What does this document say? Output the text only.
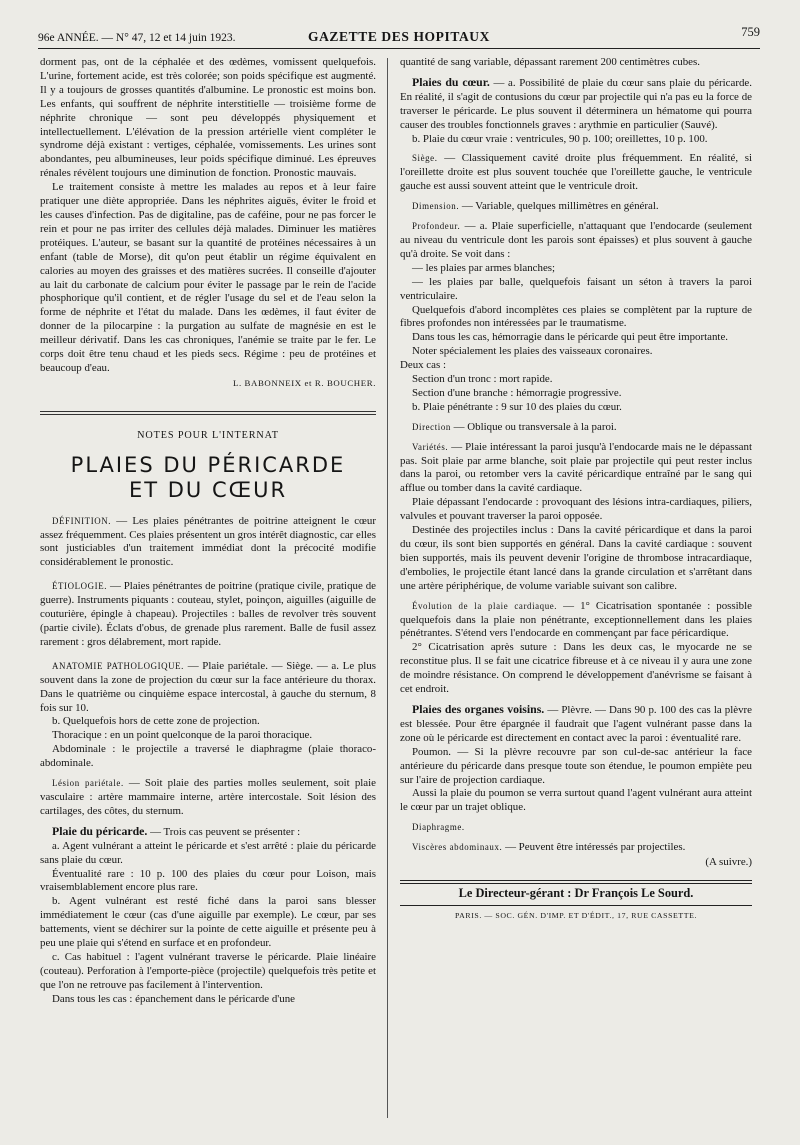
96e ANNÉE. — N° 47, 12 et 14 juin 1923.	GAZETTE DES HOPITAUX	759

dorment pas, ont de la céphalée et des œdèmes, vomissent quelquefois. L'urine, fortement acide, est très colorée; son poids spécifique est augmenté. Il y a toujours de grosses quantités d'albumine. Le pronostic est moins bon. Les enfants, qui souffrent de néphrite interstitielle — troisième forme de néphrite chronique — sont peu développés physiquement et intellectuellement. L'élévation de la pression artérielle vient compléter le syndrome déjà existant : vertiges, céphalée, vomissements. Les urines sont abondantes, peu albumineuses, leur poids spécifique diminué. Les épreuves rénales révèlent toujours une diminution de fonction. Pronostic mauvais.

Le traitement consiste à mettre les malades au repos et à leur faire pratiquer une diète appropriée. Dans les néphrites aiguës, éviter le froid et les causes d'infection. Pas de digitaline, pas de caféine, pour ne pas forcer le rein et pour ne pas irriter des cellules déjà malades. Diminuer les matières protéiques. L'auteur, se basant sur la quantité de protéines nécessaires à un enfant (table de Morse), dit qu'on peut établir un régime équivalent en calories au moyen des graisses et des matières sucrées. Il conseille d'ajouter au lait du carbonate de calcium pour éviter le passage par le rein de l'acide phosphorique qu'il contient, et de régler l'usage du sel et de l'eau selon la forme de néphrite et l'état du malade. Dans les œdèmes, il faut éviter de donner de la pilocarpine : la purgation au sulfate de magnésie en est le meilleur dérivatif. Dans les cas chroniques, l'anémie se traite par le fer. Le corps doit être tenu chaud et les pieds secs. Régime : peu de protéines et beaucoup d'eau.

L. BABONNEIX et R. BOUCHER.
NOTES POUR L'INTERNAT
PLAIES DU PÉRICARDE
ET DU CŒUR

DÉFINITION. — Les plaies pénétrantes de poitrine atteignent le cœur assez fréquemment. Ces plaies présentent un gros intérêt diagnostic, car elles sont justiciables d'un traitement immédiat dont la précocité modifie considérablement le pronostic.

ÉTIOLOGIE. — Plaies pénétrantes de poitrine (pratique civile, pratique de guerre). Instruments piquants : couteau, stylet, poinçon, aiguilles (aiguille de couturière, épingle à chapeau). Projectiles : balles de revolver très souvent (partie civile). Éclats d'obus, de grenade plus rarement. Balle de fusil assez rarement : gros délabrement, mort rapide.

ANATOMIE PATHOLOGIQUE. — Plaie pariétale. — Siège. — a. Le plus souvent dans la zone de projection du cœur sur la face antérieure du thorax. Dans le quatrième ou cinquième espace intercostal, à gauche du sternum, 8 fois sur 10.

b. Quelquefois hors de cette zone de projection.

Thoracique : en un point quelconque de la paroi thoracique.

Abdominale : le projectile a traversé le diaphragme (plaie thoraco-abdominale.

Lésion pariétale. — Soit plaie des parties molles seulement, soit plaie vasculaire : artère mammaire interne, artère intercostale. Soit lésion des cartilages, des côtes, du sternum.

Plaie du péricarde. — Trois cas peuvent se présenter :

a. Agent vulnérant a atteint le péricarde et s'est arrêté : plaie du péricarde sans plaie du cœur.

Éventualité rare : 10 p. 100 des plaies du cœur pour Loison, mais vraisemblablement encore plus rare.

b. Agent vulnérant est resté fiché dans la paroi sans blesser immédiatement le cœur (cas d'une aiguille par exemple). Le cœur, par ses battements, vient se déchirer sur la pointe de cette aiguille et présente peu à peu une plaie qui s'étend en surface et en profondeur.

c. Cas habituel : l'agent vulnérant traverse le péricarde. Plaie linéaire (couteau). Perforation à l'emporte-pièce (projectile) quelquefois très petite et que l'on ne retrouve pas facilement à l'intervention.

Dans tous les cas : épanchement dans le péricarde d'une

quantité de sang variable, dépassant rarement 200 centimètres cubes.

Plaies du cœur. — a. Possibilité de plaie du cœur sans plaie du péricarde. En réalité, il s'agit de contusions du cœur par projectile qui n'a pas eu la force de traverser le péricarde. Le plus souvent il déterminera un hématome qui pourra causer des troubles fonctionnels graves : arythmie en particulier (Sauvé).

b. Plaie du cœur vraie : ventricules, 90 p. 100; oreillettes, 10 p. 100.

Siège. — Classiquement cavité droite plus fréquemment. En réalité, si l'oreillette droite est plus souvent touchée que l'oreillette gauche, le ventricule gauche est aussi souvent atteint que le ventricule droit.

Dimension. — Variable, quelques millimètres en général.

Profondeur. — a. Plaie superficielle, n'attaquant que l'endocarde (seulement au niveau du ventricule dont les parois sont épaisses) et plus souvent à gauche qu'à droite. Se voit dans :

— les plaies par armes blanches;

— les plaies par balle, quelquefois faisant un séton à travers la paroi ventriculaire.

Quelquefois d'abord incomplètes ces plaies se complètent par la rupture de fibres profondes non intéressées par le traumatisme.

Dans tous les cas, hémorragie dans le péricarde qui peut être importante.

Noter spécialement les plaies des vaisseaux coronaires.

Deux cas :

Section d'un tronc : mort rapide.

Section d'une branche : hémorragie progressive.

b. Plaie pénétrante : 9 sur 10 des plaies du cœur.

Direction — Oblique ou transversale à la paroi.

Variétés. — Plaie intéressant la paroi jusqu'à l'endocarde mais ne le dépassant pas. Soit plaie par arme blanche, soit plaie par projectile qui peut rester inclus dans la paroi, ou retomber vers la cavité péricardique entraîné par le sang qui afflue ou tomber dans la cavité cardiaque.

Plaie dépassant l'endocarde : provoquant des lésions intra-cardiaques, piliers, valvules et pouvant traverser la paroi opposée.

Destinée des projectiles inclus : Dans la cavité péricardique et dans la paroi du cœur, ils sont bien supportés en général. Dans la cavité cardiaque : souvent bien supportés, mais ils peuvent devenir l'origine de thrombose intracardiaque, d'embolies, le projectile étant lancé dans la grande circulation et s'arrêtant dans une artère périphérique, de volume variable suivant son calibre.

Évolution de la plaie cardiaque. — 1° Cicatrisation spontanée : possible quelquefois dans la plaie non pénétrante, exceptionnellement dans les plaies pénétrantes. S'étend vers l'endocarde en commençant par face péricardique.

2° Cicatrisation après suture : Dans les deux cas, le myocarde ne se reconstitue plus. Il se fait une cicatrice fibreuse et à ce niveau il y aura une zone de moindre résistance. On comprend le développement d'anévrisme se faisant à cet endroit.

Plaies des organes voisins. — Plèvre. — Dans 90 p. 100 des cas la plèvre est blessée. Pour être épargnée il faudrait que l'agent vulnérant passe dans la zone où le péricarde est directement en contact avec la paroi : éventualité rare.

Poumon. — Si la plèvre recouvre par son cul-de-sac antérieur la face antérieure du péricarde dans presque toute son étendue, le poumon empiète peu sur l'aire de projection cardiaque.

Aussi la plaie du poumon se verra surtout quand l'agent vulnérant aura atteint le cœur par un trajet oblique.

Diaphragme.

Viscères abdominaux. — Peuvent être intéressés par projectiles.

(A suivre.)
Le Directeur-gérant : Dr François Le Sourd.
PARIS. — SOC. GÉN. D'IMP. ET D'ÉDIT., 17, RUE CASSETTE.
